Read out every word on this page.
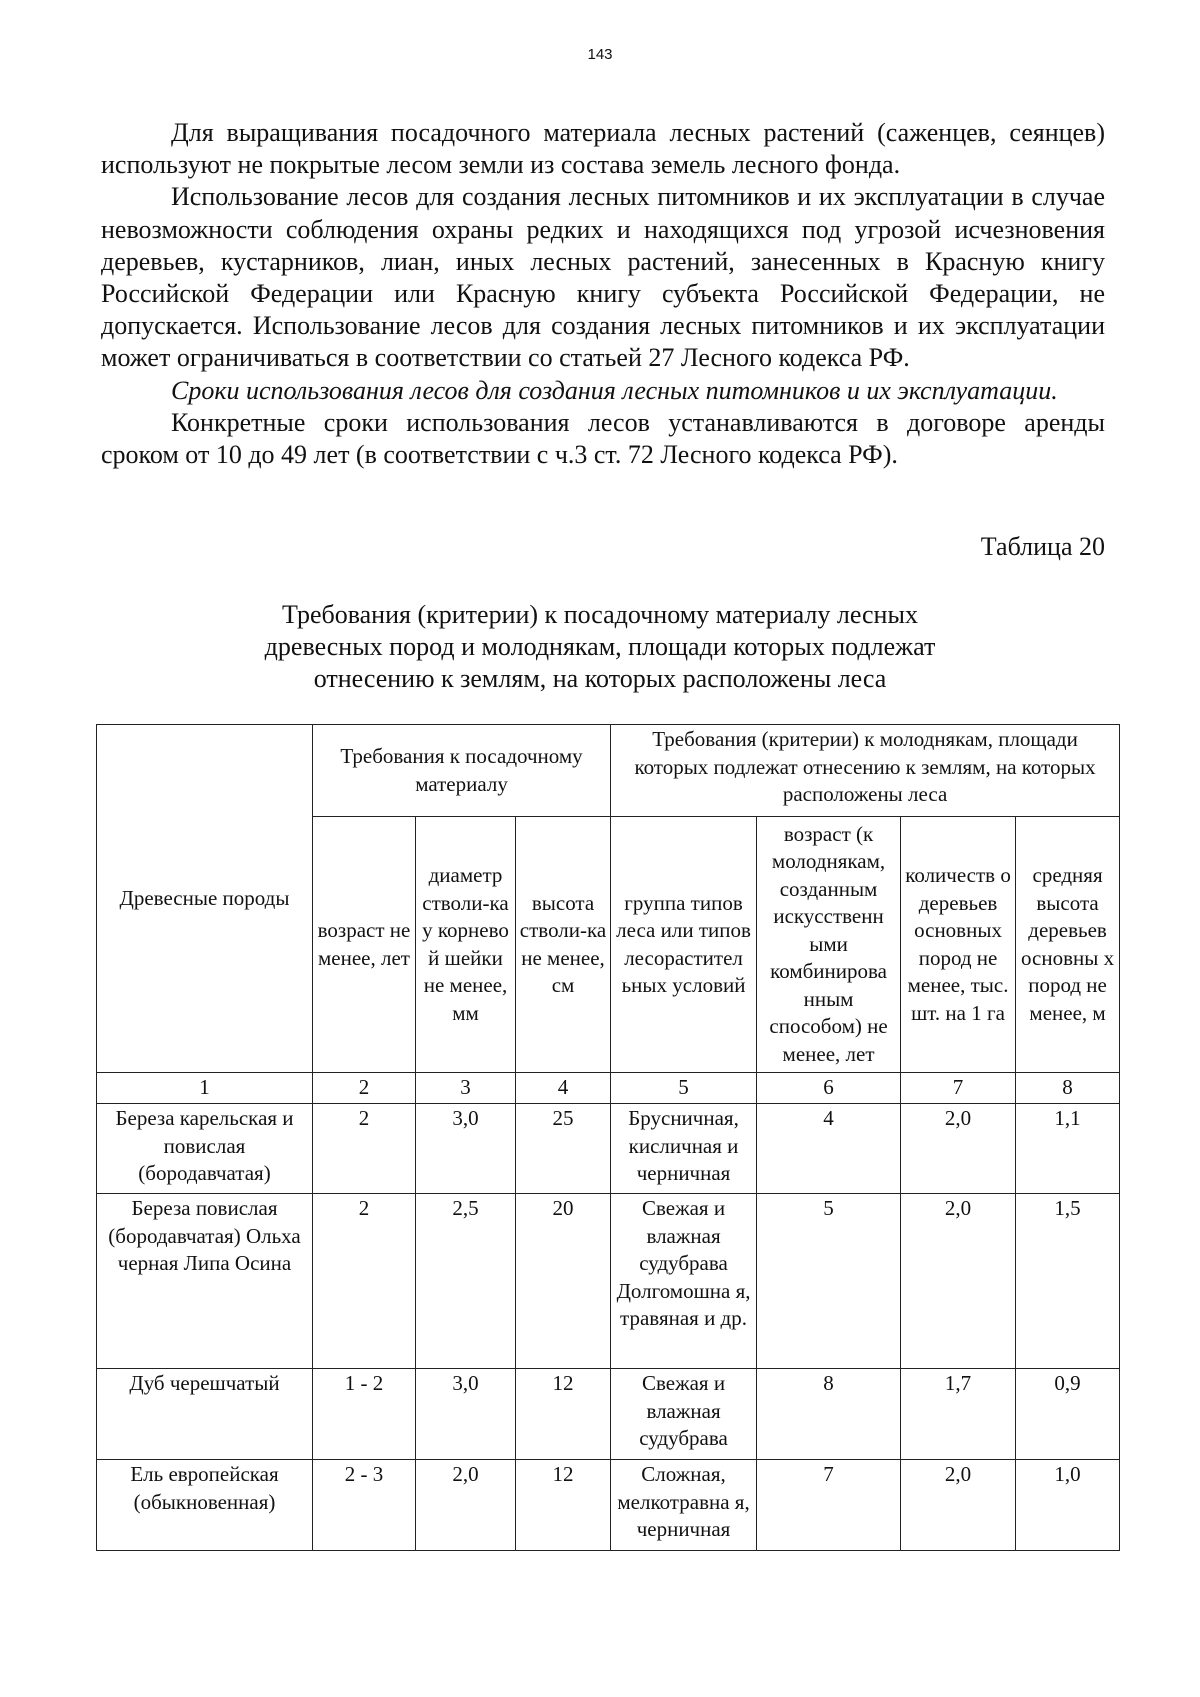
143

Для выращивания посадочного материала лесных растений (саженцев, сеянцев) используют не покрытые лесом земли из состава земель лесного фонда.

Использование лесов для создания лесных питомников и их эксплуатации в случае невозможности соблюдения охраны редких и находящихся под угрозой исчезновения деревьев, кустарников, лиан, иных лесных растений, занесенных в Красную книгу Российской Федерации или Красную книгу субъекта Российской Федерации, не допускается. Использование лесов для создания лесных питомников и их эксплуатации может ограничиваться в соответствии со статьей 27 Лесного кодекса РФ.

Сроки использования лесов для создания лесных питомников и их эксплуатации.

Конкретные сроки использования лесов устанавливаются в договоре аренды сроком от 10 до 49 лет (в соответствии с ч.3 ст. 72 Лесного кодекса РФ).

Таблица 20
Требования (критерии) к посадочному материалу лесных
древесных пород и молоднякам, площади которых подлежат
отнесению к землям, на которых расположены леса
Древесные породы	Требования к посадочному материалу			Требования (критерии) к молоднякам, площади которых подлежат отнесению к землям, на которых расположены леса			
	возраст не менее, лет	диаметр стволи-ка у корнево й шейки не менее, мм	высота стволи-ка не менее, см	группа типов леса или типов лесорастител ьных условий	возраст (к молоднякам, созданным искусственн ыми комбинирова нным способом) не менее, лет	количеств о деревьев основных пород не менее, тыс. шт. на 1 га	средняя высота деревьев основны х пород не менее, м
1	2	3	4	5	6	7	8
Береза карельская и повислая (бородавчатая)	2	3,0	25	Брусничная, кисличная и черничная	4	2,0	1,1
Береза повислая (бородавчатая) Ольха черная Липа Осина	2	2,5	20	Свежая и влажная судубрава Долгомошна я, травяная и др.	5	2,0	1,5
Дуб черешчатый	1 - 2	3,0	12	Свежая и влажная судубрава	8	1,7	0,9
Ель европейская (обыкновенная)	2 - 3	2,0	12	Сложная, мелкотравна я, черничная	7	2,0	1,0
